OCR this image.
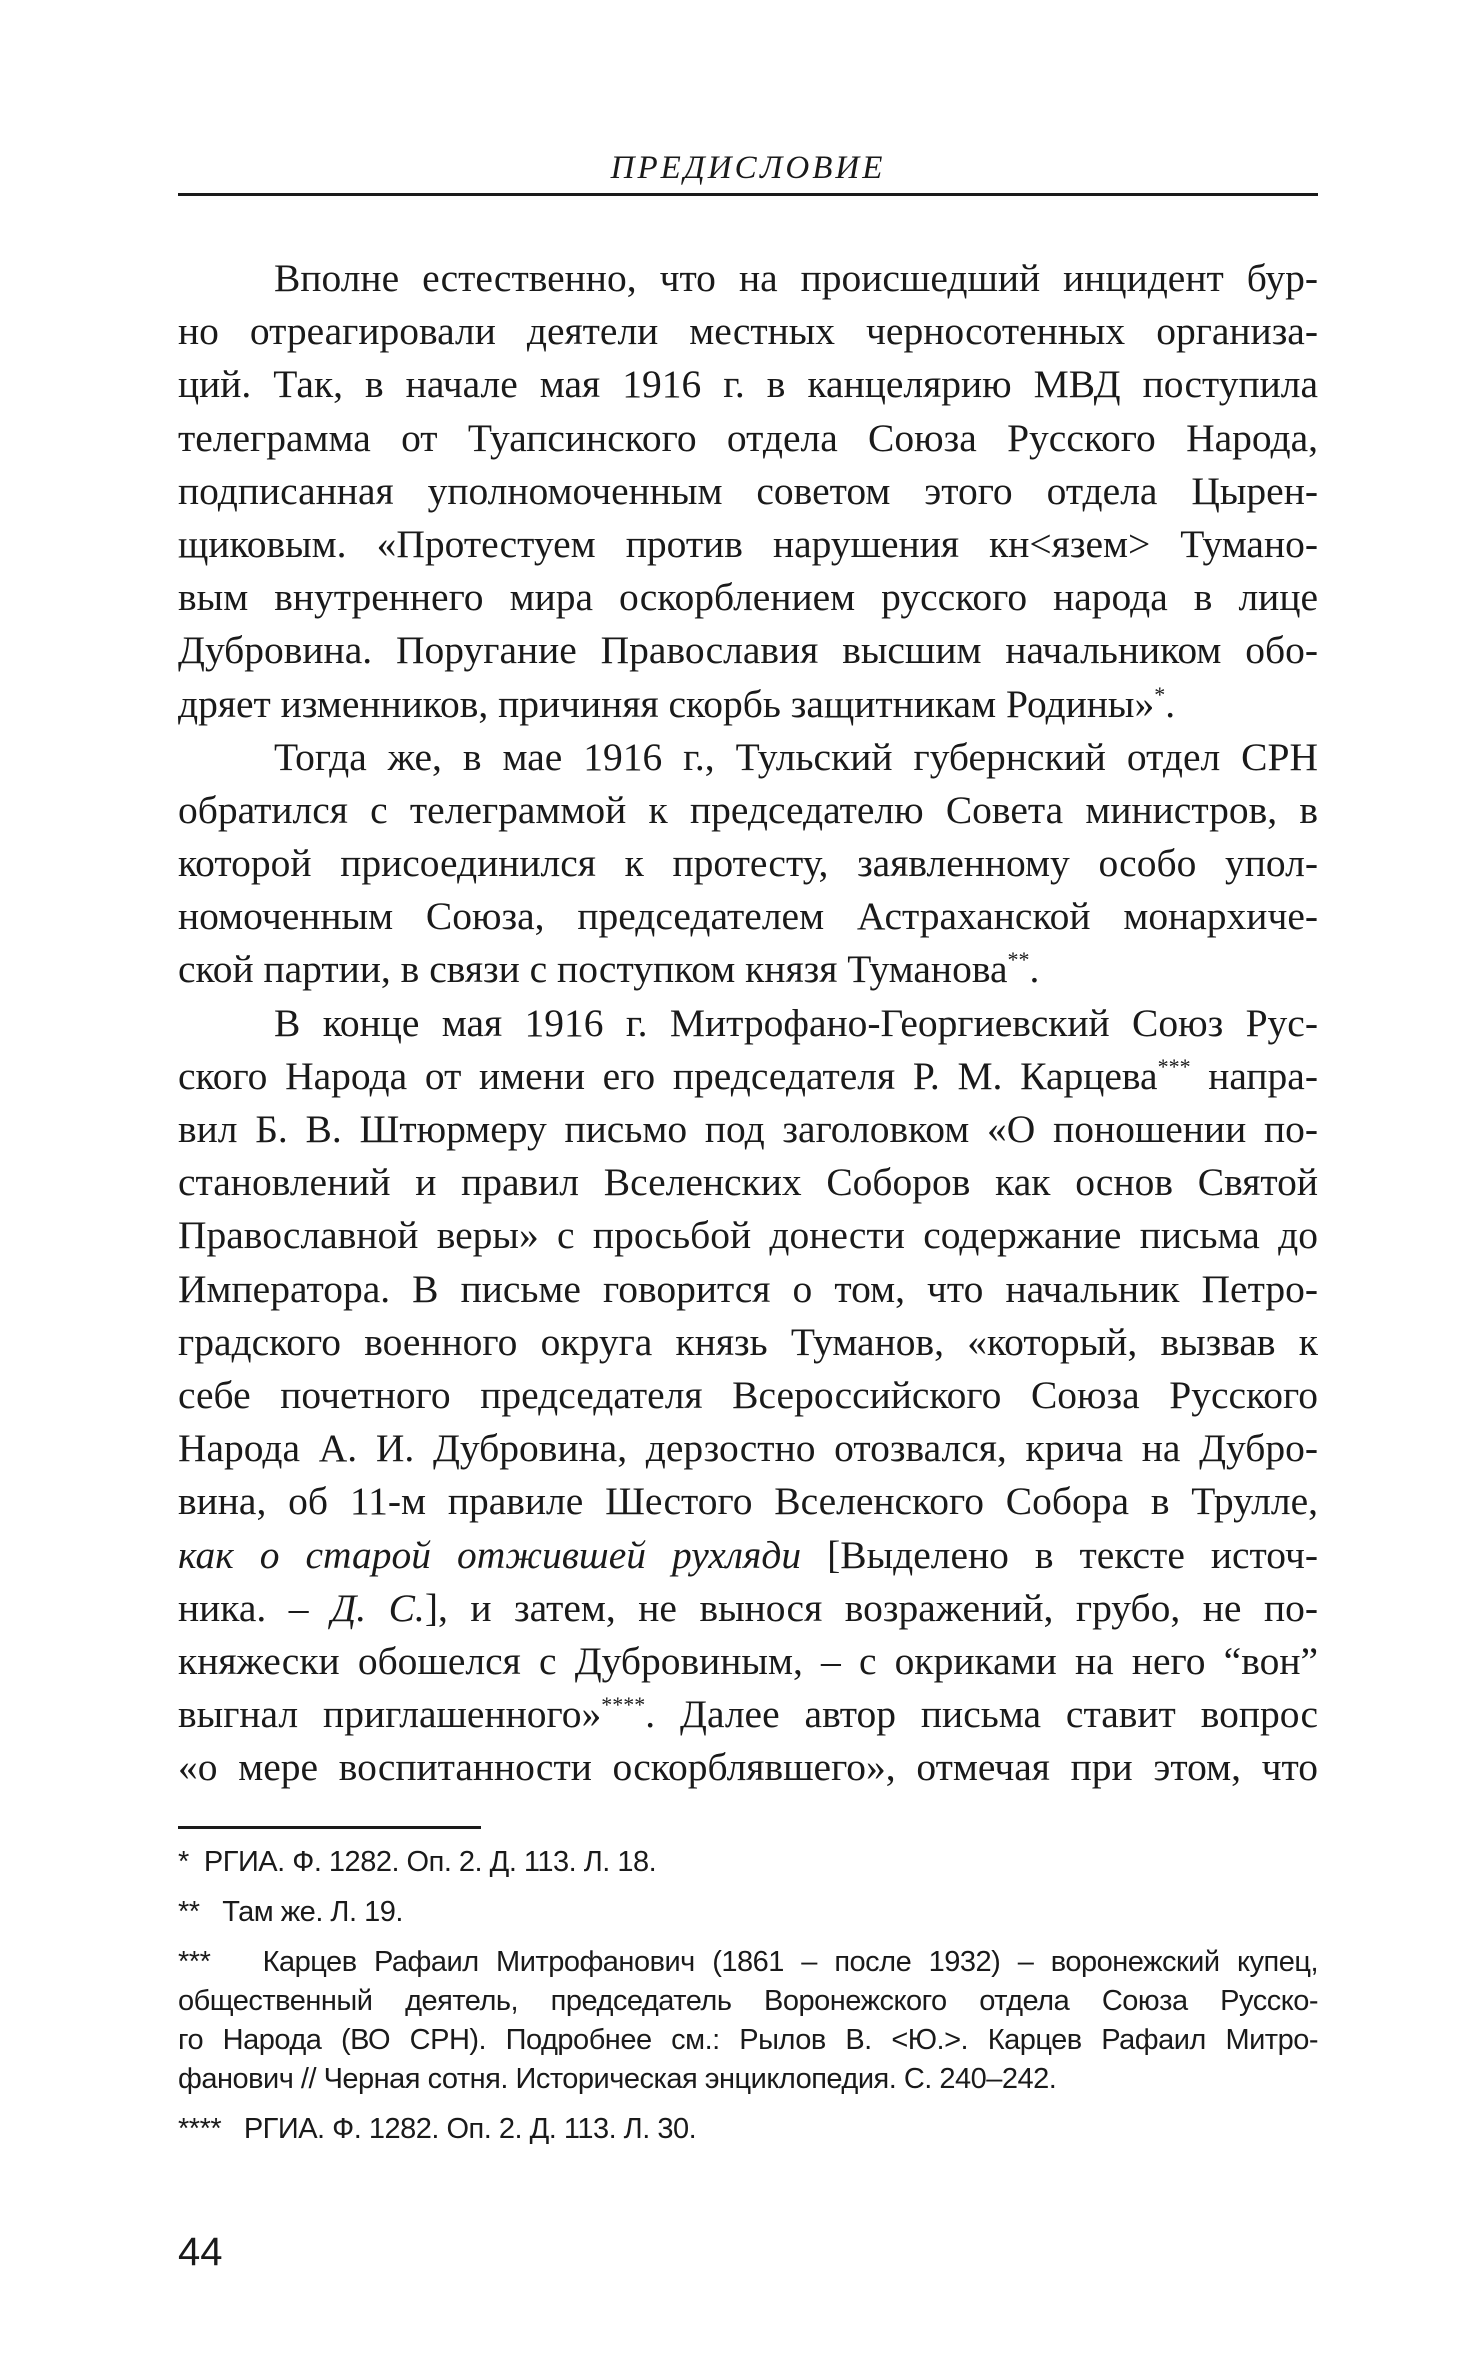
ПРЕДИСЛОВИЕ
Вполне естественно, что на происшедший инцидент бур-
но отреагировали деятели местных черносотенных организа-
ций. Так, в начале мая 1916 г. в канцелярию МВД поступила
телеграмма от Туапсинского отдела Союза Русского Народа,
подписанная уполномоченным советом этого отдела Цырен-
щиковым. «Протестуем против нарушения кн<язем> Тумано-
вым внутреннего мира оскорблением русского народа в лице
Дубровина. Поругание Православия высшим начальником обо-
дряет изменников, причиняя скорбь защитникам Родины»*.
Тогда же, в мае 1916 г., Тульский губернский отдел СРН
обратился с телеграммой к председателю Совета министров, в
которой присоединился к протесту, заявленному особо упол-
номоченным Союза, председателем Астраханской монархиче-
ской партии, в связи с поступком князя Туманова**.
В конце мая 1916 г. Митрофано-Георгиевский Союз Рус-
ского Народа от имени его председателя Р. М. Карцева*** напра-
вил Б. В. Штюрмеру письмо под заголовком «О поношении по-
становлений и правил Вселенских Соборов как основ Святой
Православной веры» с просьбой донести содержание письма до
Императора. В письме говорится о том, что начальник Петро-
градского военного округа князь Туманов, «который, вызвав к
себе почетного председателя Всероссийского Союза Русского
Народа А. И. Дубровина, дерзостно отозвался, крича на Дубро-
вина, об 11-м правиле Шестого Вселенского Собора в Трулле,
как о старой отжившей рухляди [Выделено в тексте источ-
ника. – Д. С.], и затем, не вынося возражений, грубо, не по-
княжески обошелся с Дубровиным, – с окриками на него “вон”
выгнал приглашенного»****. Далее автор письма ставит вопрос
«о мере воспитанности оскорблявшего», отмечая при этом, что
* РГИА. Ф. 1282. Оп. 2. Д. 113. Л. 18.
** Там же. Л. 19.
*** Карцев Рафаил Митрофанович (1861 – после 1932) – воронежский купец,
общественный деятель, председатель Воронежского отдела Союза Русско-
го Народа (ВО СРН). Подробнее см.: Рылов В. <Ю.>. Карцев Рафаил Митро-
фанович // Черная сотня. Историческая энциклопедия. С. 240–242.
**** РГИА. Ф. 1282. Оп. 2. Д. 113. Л. 30.
44
